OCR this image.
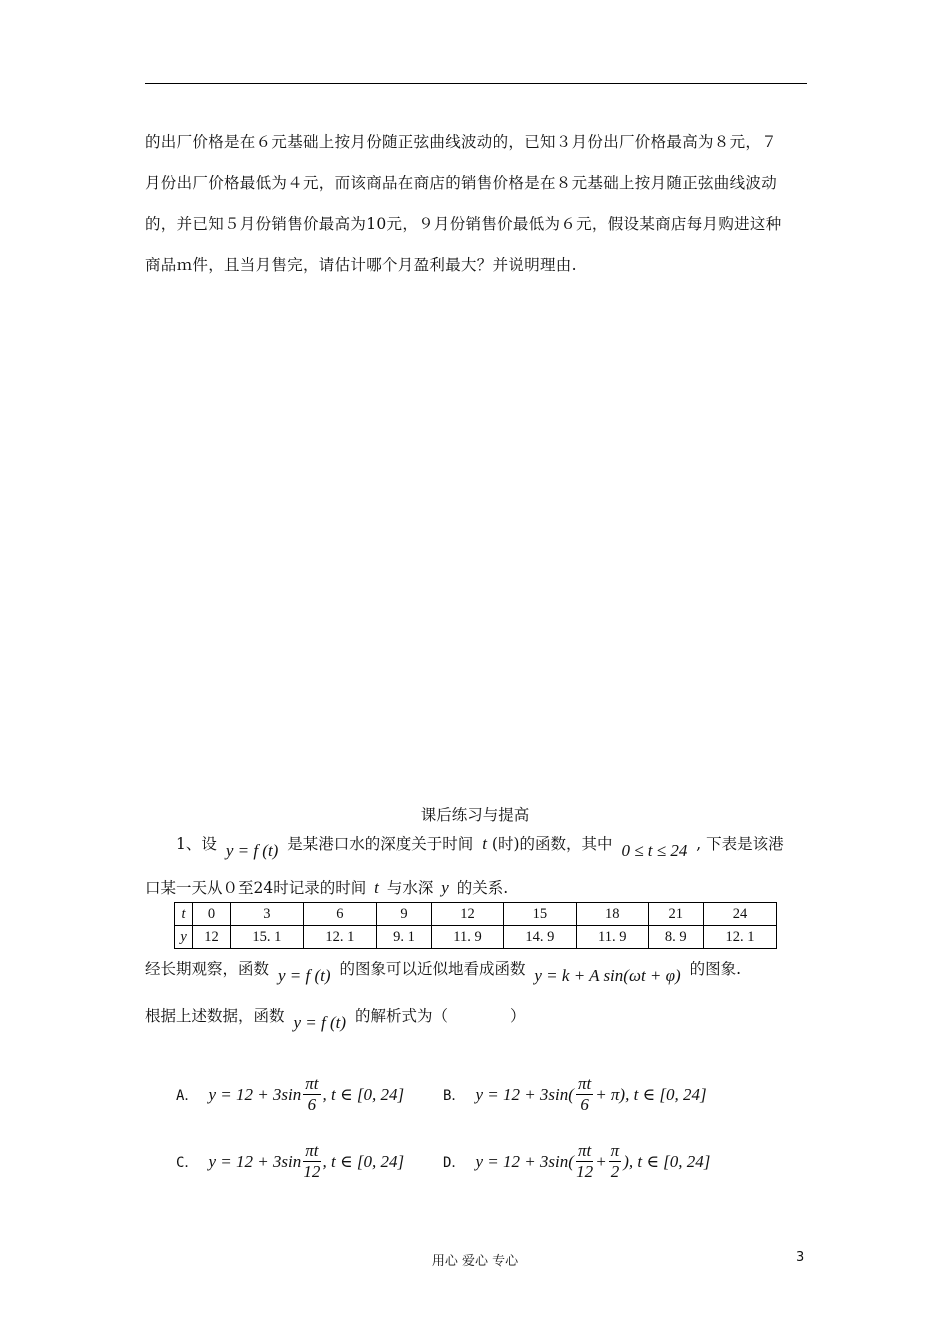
的出厂价格是在６元基础上按月份随正弦曲线波动的，已知３月份出厂价格最高为８元，７
月份出厂价格最低为４元，而该商品在商店的销售价格是在８元基础上按月随正弦曲线波动
的，并已知５月份销售价最高为10元，９月份销售价最低为６元，假设某商店每月购进这种
商品ｍ件，且当月售完，请估计哪个月盈利最大？并说明理由.
课后练习与提高
1、设 y = f (t) 是某港口水的深度关于时间 t (时)的函数，其中 0 ≤ t ≤ 24 , 下表是该港
口某一天从０至24时记录的时间 t 与水深 y 的关系.
t	0	3	6	9	12	15	18	21	24
y	12	15. 1	12. 1	9. 1	11. 9	14. 9	11. 9	8. 9	12. 1
经长期观察，函数 y = f (t) 的图象可以近似地看成函数 y = k + A sin(ωt + φ) 的图象.
根据上述数据，函数 y = f (t) 的解析式为（　　　　）
A． $y = 12 + 3\sin \frac{\pi t}{6}$ , t ∈ [0, 24]	B． $y = 12 + 3\sin( \frac{\pi t}{6} + \pi)$, t ∈ [0, 24]
C． $y = 12 + 3\sin \frac{\pi t}{12}$ , t ∈ [0, 24]	D． $y = 12 + 3\sin( \frac{\pi t}{12} + \frac{\pi}{2}$ ), t ∈ [0, 24]
用心 爱心 专心	3
